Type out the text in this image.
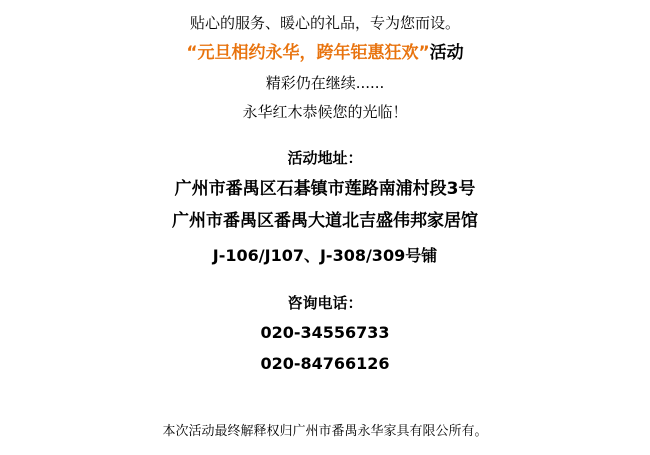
贴心的服务、暖心的礼品，专为您而设。
“元旦相约永华，跨年钜惠狂欢”活动
精彩仍在继续......
永华红木恭候您的光临！
活动地址：
广州市番禺区石碁镇市莲路南浦村段3号
广州市番禺区番禺大道北吉盛伟邦家居馆
J-106/J107、J-308/309号铺
咨询电话：
020-34556733
020-84766126
本次活动最终解释权归广州市番禺永华家具有限公所有。
